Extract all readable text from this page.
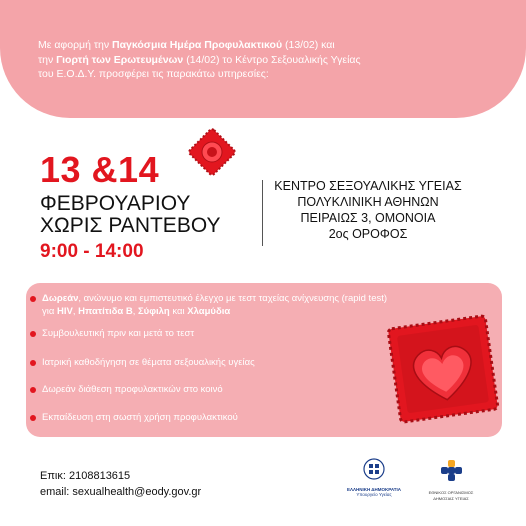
Με αφορμή την Παγκόσμια Ημέρα Προφυλακτικού (13/02) και
την Γιορτή των Ερωτευμένων (14/02) το Κέντρο Σεξουαλικής Υγείας
του Ε.Ο.Δ.Υ. προσφέρει τις παρακάτω υπηρεσίες:
13 &14
ΦΕΒΡΟΥΑΡΙΟΥ
ΧΩΡΙΣ ΡΑΝΤΕΒΟΥ
9:00 - 14:00
ΚΕΝΤΡΟ ΣΕΞΟΥΑΛΙΚΗΣ ΥΓΕΙΑΣ
ΠΟΛΥΚΛΙΝΙΚΗ ΑΘΗΝΩΝ
ΠΕΙΡΑΙΩΣ 3, ΟΜΟΝΟΙΑ
2ος ΟΡΟΦΟΣ
Δωρεάν, ανώνυμο και εμπιστευτικό έλεγχο με τεστ ταχείας ανίχνευσης (rapid test)
για HIV, Ηπατίτιδα Β, Σύφιλη και Χλαμύδια
Συμβουλευτική πριν και μετά το τεστ
Ιατρική καθοδήγηση σε θέματα σεξουαλικής υγείας
Δωρεάν διάθεση προφυλακτικών στο κοινό
Εκπαίδευση στη σωστή χρήση προφυλακτικού
Επικ: 2108813615
email: sexualhealth@eody.gov.gr	ΕΛΛΗΝΙΚΗ ΔΗΜΟΚΡΑΤΙΑ
Υπουργείο Υγείας	ΕΘΝΙΚΟΣ ΟΡΓΑΝΙΣΜΟΣ
ΔΗΜΟΣΙΑΣ ΥΓΕΙΑΣ
